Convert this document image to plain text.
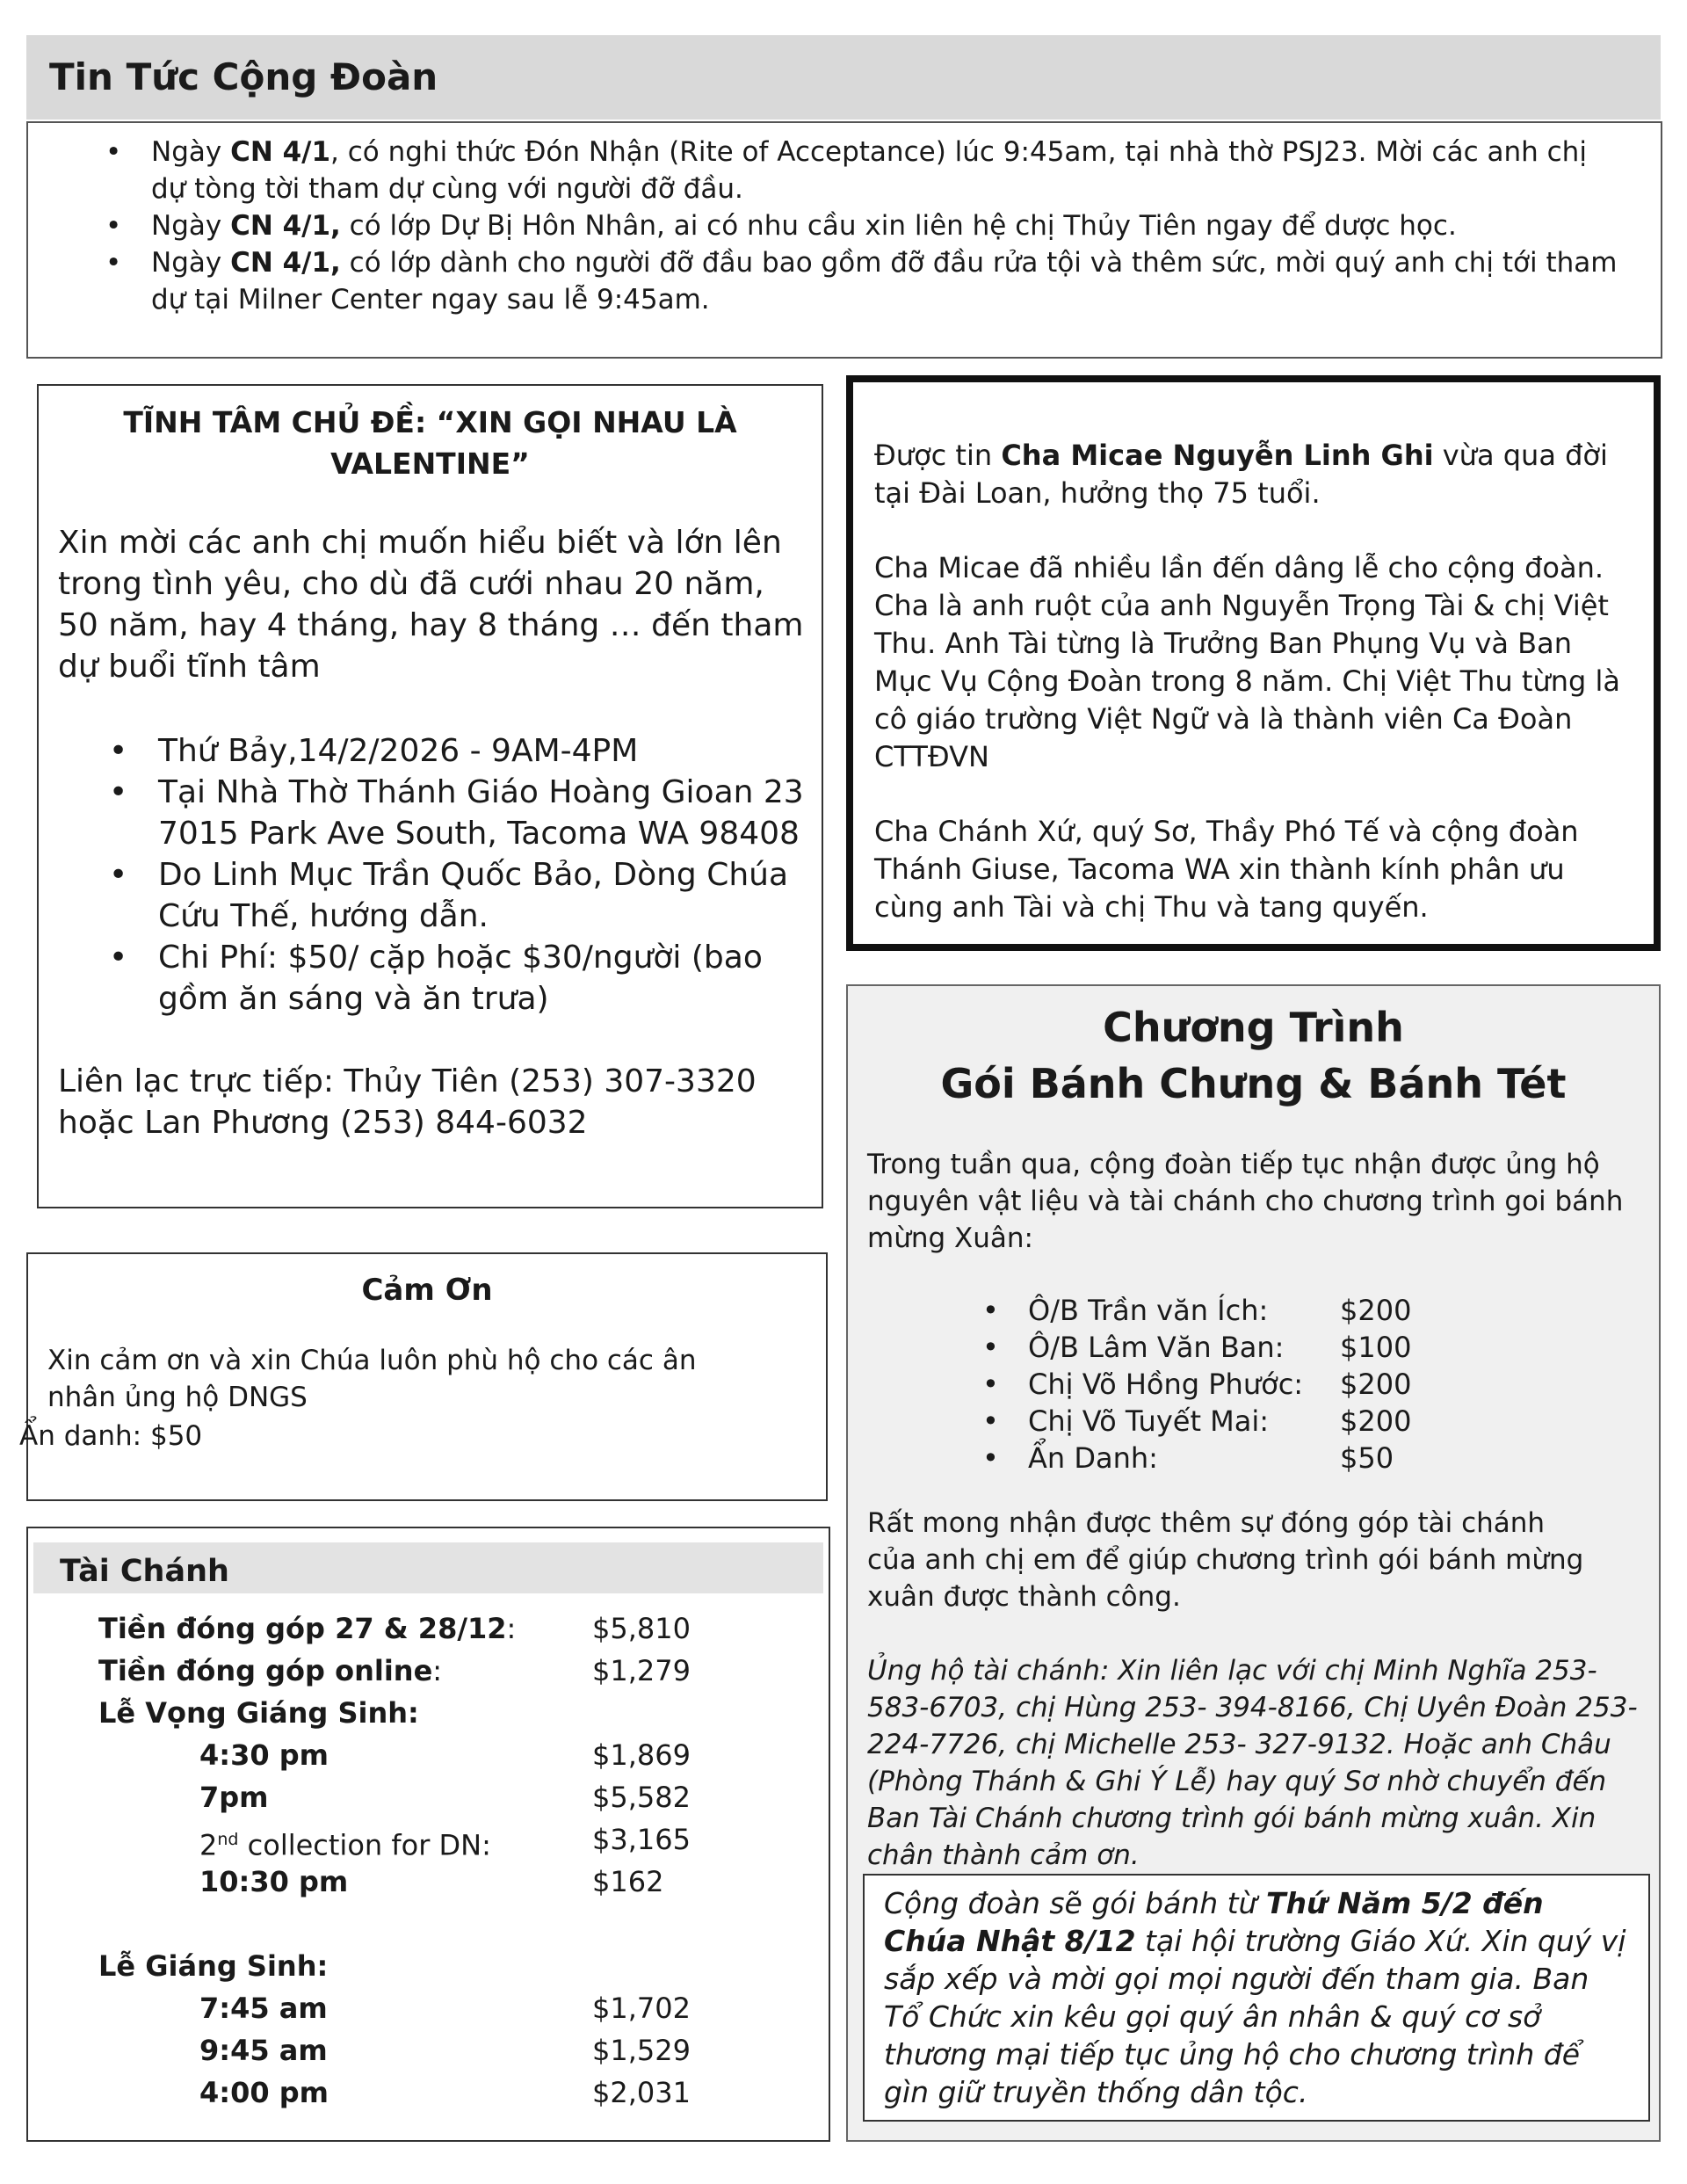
Tin Tức Cộng Đoàn
• Ngày CN 4/1, có nghi thức Đón Nhận (Rite of Acceptance) lúc 9:45am, tại nhà thờ PSJ23. Mời các anh chị dự tòng tời tham dự cùng với người đỡ đầu.
• Ngày CN 4/1, có lớp Dự Bị Hôn Nhân, ai có nhu cầu xin liên hệ chị Thủy Tiên ngay để dược học.
• Ngày CN 4/1, có lớp dành cho người đỡ đầu bao gồm đỡ đầu rửa tội và thêm sức, mời quý anh chị tới tham dự tại Milner Center ngay sau lễ 9:45am.
TĨNH TÂM CHỦ ĐỀ: “XIN GỌI NHAU LÀ VALENTINE”
Xin mời các anh chị muốn hiểu biết và lớn lên trong tình yêu, cho dù đã cưới nhau 20 năm, 50 năm, hay 4 tháng, hay 8 tháng … đến tham dự buổi tĩnh tâm
• Thứ Bảy,14/2/2026 - 9AM-4PM
• Tại Nhà Thờ Thánh Giáo Hoàng Gioan 23 7015 Park Ave South, Tacoma WA 98408
• Do Linh Mục Trần Quốc Bảo, Dòng Chúa Cứu Thế, hướng dẫn.
• Chi Phí: $50/ cặp hoặc $30/người (bao gồm ăn sáng và ăn trưa)
Liên lạc trực tiếp: Thủy Tiên (253) 307-3320 hoặc Lan Phương (253) 844-6032
Cảm Ơn
Xin cảm ơn và xin Chúa luôn phù hộ cho các ân nhân ủng hộ DNGS
Ẩn danh: $50
Tài Chánh
Tiền đóng góp 27 & 28/12:	$5,810
Tiền đóng góp online:	$1,279
Lễ Vọng Giáng Sinh:
4:30 pm	$1,869
7pm	$5,582
2nd collection for DN:	$3,165
10:30 pm	$162
Lễ Giáng Sinh:
7:45 am	$1,702
9:45 am	$1,529
4:00 pm	$2,031
Được tin Cha Micae Nguyễn Linh Ghi vừa qua đời tại Đài Loan, hưởng thọ 75 tuổi.
Cha Micae đã nhiều lần đến dâng lễ cho cộng đoàn. Cha là anh ruột của anh Nguyễn Trọng Tài & chị Việt Thu. Anh Tài từng là Trưởng Ban Phụng Vụ và Ban Mục Vụ Cộng Đoàn trong 8 năm. Chị Việt Thu từng là cô giáo trường Việt Ngữ và là thành viên Ca Đoàn CTTĐVN
Cha Chánh Xứ, quý Sơ, Thầy Phó Tế và cộng đoàn Thánh Giuse, Tacoma WA xin thành kính phân ưu cùng anh Tài và chị Thu và tang quyến.
Chương Trình
Gói Bánh Chưng & Bánh Tét
Trong tuần qua, cộng đoàn tiếp tục nhận được ủng hộ nguyên vật liệu và tài chánh cho chương trình goi bánh mừng Xuân:
• Ô/B Trần văn Ích:	$200
• Ô/B Lâm Văn Ban: $100
• Chị Võ Hồng Phước: $200
• Chị Võ Tuyết Mai:	$200
• Ẩn Danh:	$50
Rất mong nhận được thêm sự đóng góp tài chánh của anh chị em để giúp chương trình gói bánh mừng xuân được thành công.
Ủng hộ tài chánh: Xin liên lạc với chị Minh Nghĩa 253-583-6703, chị Hùng 253- 394-8166, Chị Uyên Đoàn 253-224-7726, chị Michelle 253- 327-9132. Hoặc anh Châu (Phòng Thánh & Ghi Ý Lễ) hay quý Sơ nhờ chuyển đến Ban Tài Chánh chương trình gói bánh mừng xuân. Xin chân thành cảm ơn.
Cộng đoàn sẽ gói bánh từ Thứ Năm 5/2 đến Chúa Nhật 8/12 tại hội trường Giáo Xứ. Xin quý vị sắp xếp và mời gọi mọi người đến tham gia. Ban Tổ Chức xin kêu gọi quý ân nhân & quý cơ sở thương mại tiếp tục ủng hộ cho chương trình để gìn giữ truyền thống dân tộc.
